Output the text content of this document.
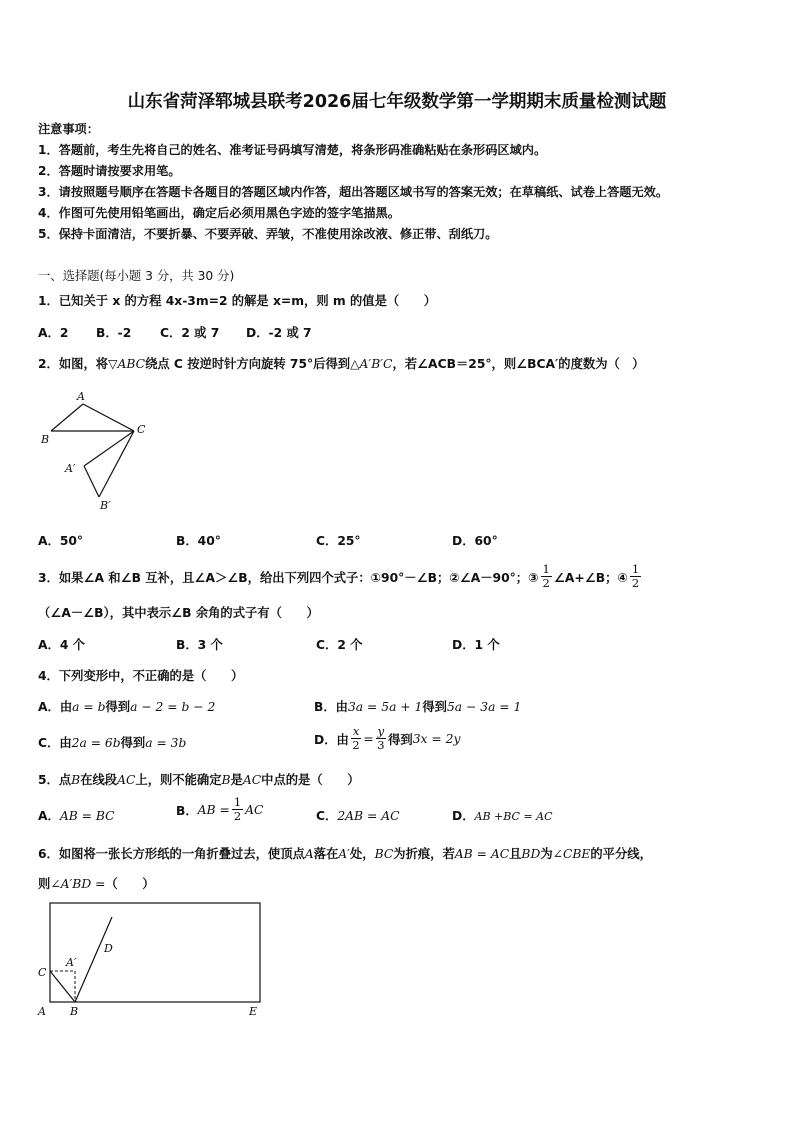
山东省菏泽郓城县联考2026届七年级数学第一学期期末质量检测试题
注意事项：
1．答题前，考生先将自己的姓名、准考证号码填写清楚，将条形码准确粘贴在条形码区域内。
2．答题时请按要求用笔。
3．请按照题号顺序在答题卡各题目的答题区域内作答，超出答题区域书写的答案无效；在草稿纸、试卷上答题无效。
4．作图可先使用铅笔画出，确定后必须用黑色字迹的签字笔描黑。
5．保持卡面清洁，不要折暴、不要弄破、弄皱，不准使用涂改液、修正带、刮纸刀。
一、选择题(每小题 3 分，共 30 分)
1．已知关于 x 的方程 4x-3m=2 的解是 x=m，则 m 的值是（　　）
A．2 B．-2 C．2 或 7 D．-2 或 7
2．如图，将▽ABC绕点 C 按逆时针方向旋转 75°后得到△A′B′C，若∠ACB＝25°，则∠BCA′的度数为（　）
A
B
C
A′
B′
A．50°	B．40°	C．25°	D．60°
3．如果∠A 和∠B 互补，且∠A＞∠B，给出下列四个式子：①90°－∠B；②∠A－90°；③ $\frac{1}{2}$ ∠A+∠B；④ $\frac{1}{2}$
（∠A－∠B），其中表示∠B 余角的式子有（　　）
A．4 个	B．3 个	C．2 个	D．1 个
4．下列变形中，不正确的是（　　）
A．由a = b得到a − 2 = b − 2	B．由3a = 5a + 1得到5a − 3a = 1
C．由2a = 6b得到a = 3b	D．由 $\frac{x}{2} = \frac{y}{3}$ 得到 3x = 2y
5．点B在线段AC上，则不能确定B是AC中点的是（　　）
A．AB = BC	B． AB = $\frac{1}{2}$ AC	C．2AB = AC	D．AB +BC = AC
6．如图将一张长方形纸的一角折叠过去，使顶点A落在A′处，BC为折痕，若AB = AC且BD为∠CBE的平分线，
则∠A′BD =（　　）
A B
C
D
E
A′
